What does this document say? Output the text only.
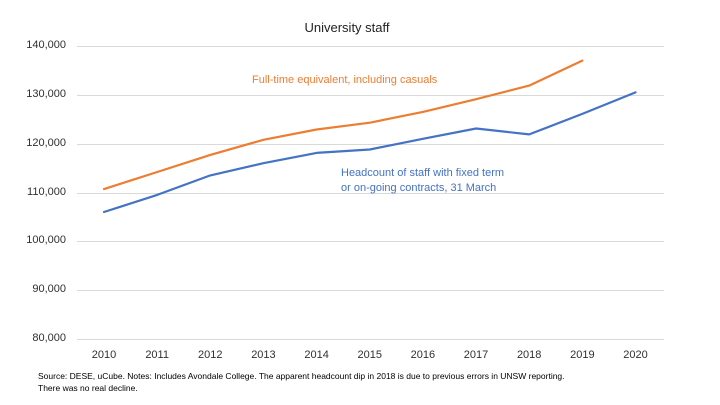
University staff
140,000
130,000
120,000
110,000
100,000
90,000
80,000
2010	2011	2012	2013	2014	2015	2016	2017	2018	2019	2020
Full-time equivalent, including casuals
Headcount of staff with fixed term
or on-going contracts, 31 March
Source: DESE, uCube. Notes: Includes Avondale College. The apparent headcount dip in 2018 is due to previous errors in UNSW reporting.
There was no real decline.
